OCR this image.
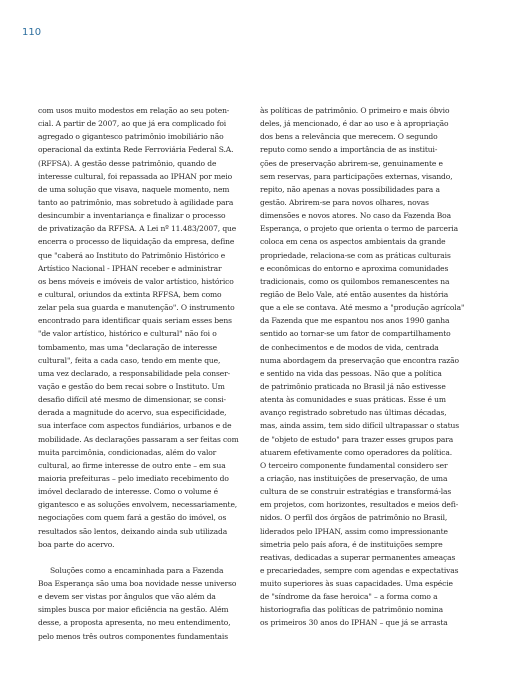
110
com usos muito modestos em relação ao seu poten-
cial. A partir de 2007, ao que já era complicado foi
agregado o gigantesco patrimônio imobiliário não
operacional da extinta Rede Ferroviária Federal S.A.
(RFFSA). A gestão desse patrimônio, quando de
interesse cultural, foi repassada ao IPHAN por meio
de uma solução que visava, naquele momento, nem
tanto ao patrimônio, mas sobretudo à agilidade para
desincumbir a inventariança e finalizar o processo
de privatização da RFFSA. A Lei nº 11.483/2007, que
encerra o processo de liquidação da empresa, define
que "caberá ao Instituto do Patrimônio Histórico e
Artístico Nacional - IPHAN receber e administrar
os bens móveis e imóveis de valor artístico, histórico
e cultural, oriundos da extinta RFFSA, bem como
zelar pela sua guarda e manutenção". O instrumento
encontrado para identificar quais seriam esses bens
"de valor artístico, histórico e cultural" não foi o
tombamento, mas uma "declaração de interesse
cultural", feita a cada caso, tendo em mente que,
uma vez declarado, a responsabilidade pela conser-
vação e gestão do bem recai sobre o Instituto. Um
desafio difícil até mesmo de dimensionar, se consi-
derada a magnitude do acervo, sua especificidade,
sua interface com aspectos fundiários, urbanos e de
mobilidade. As declarações passaram a ser feitas com
muita parcimônia, condicionadas, além do valor
cultural, ao firme interesse de outro ente – em sua
maioria prefeituras – pelo imediato recebimento do
imóvel declarado de interesse. Como o volume é
gigantesco e as soluções envolvem, necessariamente,
negociações com quem fará a gestão do imóvel, os
resultados são lentos, deixando ainda sub utilizada
boa parte do acervo.
Soluções como a encaminhada para a Fazenda
Boa Esperança são uma boa novidade nesse universo
e devem ser vistas por ângulos que vão além da
simples busca por maior eficiência na gestão. Além
desse, a proposta apresenta, no meu entendimento,
pelo menos três outros componentes fundamentais
às políticas de patrimônio. O primeiro e mais óbvio
deles, já mencionado, é dar ao uso e à apropriação
dos bens a relevância que merecem. O segundo
reputo como sendo a importância de as institui-
ções de preservação abrirem-se, genuinamente e
sem reservas, para participações externas, visando,
repito, não apenas a novas possibilidades para a
gestão. Abrirem-se para novos olhares, novas
dimensões e novos atores. No caso da Fazenda Boa
Esperança, o projeto que orienta o termo de parceria
coloca em cena os aspectos ambientais da grande
propriedade, relaciona-se com as práticas culturais
e econômicas do entorno e aproxima comunidades
tradicionais, como os quilombos remanescentes na
região de Belo Vale, até então ausentes da história
que a ele se contava. Até mesmo a "produção agrícola"
da Fazenda que me espantou nos anos 1990 ganha
sentido ao tornar-se um fator de compartilhamento
de conhecimentos e de modos de vida, centrada
numa abordagem da preservação que encontra razão
e sentido na vida das pessoas. Não que a política
de patrimônio praticada no Brasil já não estivesse
atenta às comunidades e suas práticas. Esse é um
avanço registrado sobretudo nas últimas décadas,
mas, ainda assim, tem sido difícil ultrapassar o status
de "objeto de estudo" para trazer esses grupos para
atuarem efetivamente como operadores da política.
O terceiro componente fundamental considero ser
a criação, nas instituições de preservação, de uma
cultura de se construir estratégias e transformá-las
em projetos, com horizontes, resultados e meios defi-
nidos. O perfil dos órgãos de patrimônio no Brasil,
liderados pelo IPHAN, assim como impressionante
simetria pelo país afora, é de instituições sempre
reativas, dedicadas a superar permanentes ameaças
e precariedades, sempre com agendas e expectativas
muito superiores às suas capacidades. Uma espécie
de "síndrome da fase heroica" – a forma como a
historiografia das políticas de patrimônio nomina
os primeiros 30 anos do IPHAN – que já se arrasta
